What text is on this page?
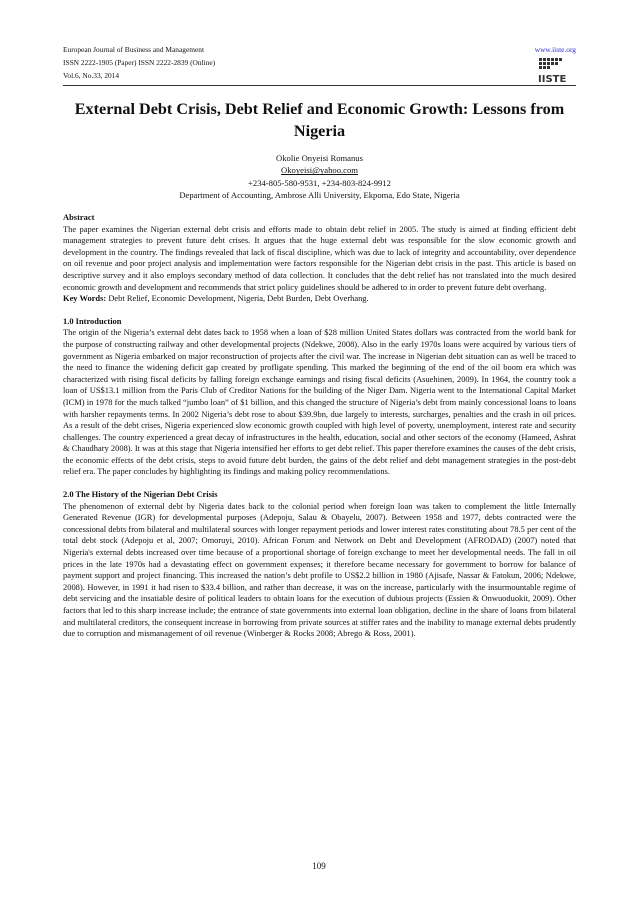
European Journal of Business and Management
ISSN 2222-1905 (Paper) ISSN 2222-2839 (Online)
Vol.6, No.33, 2014
www.iiste.org
IISTE
External Debt Crisis, Debt Relief and Economic Growth: Lessons from Nigeria
Okolie Onyeisi Romanus
Okoyeisi@yahoo.com
+234-805-580-9531, +234-803-824-9912
Department of Accounting, Ambrose Alli University, Ekpoma, Edo State, Nigeria

Abstract

The paper examines the Nigerian external debt crisis and efforts made to obtain debt relief in 2005. The study is aimed at finding efficient debt management strategies to prevent future debt crises. It argues that the huge external debt was responsible for the slow economic growth and development in the country. The findings revealed that lack of fiscal discipline, which was due to lack of integrity and accountability, over dependence on oil revenue and poor project analysis and implementation were factors responsible for the Nigerian debt crisis in the past. This article is based on descriptive survey and it also employs secondary method of data collection. It concludes that the debt relief has not translated into the much desired economic growth and development and recommends that strict policy guidelines should be adhered to in order to prevent future debt overhang.

Key Words: Debt Relief, Economic Development, Nigeria, Debt Burden, Debt Overhang.

1.0 Introduction

The origin of the Nigeria’s external debt dates back to 1958 when a loan of $28 million United States dollars was contracted from the world bank for the purpose of constructing railway and other developmental projects (Ndekwe, 2008). Also in the early 1970s loans were acquired by various tiers of government as Nigeria embarked on major reconstruction of projects after the civil war. The increase in Nigerian debt situation can as well be traced to the need to finance the widening deficit gap created by profligate spending. This marked the beginning of the end of the oil boom era which was characterized with rising fiscal deficits by falling foreign exchange earnings and rising fiscal deficits (Asuehinen, 2009). In 1964, the country took a loan of US$13.1 million from the Paris Club of Creditor Nations for the building of the Niger Dam. Nigeria went to the International Capital Market (ICM) in 1978 for the much talked “jumbo loan” of $1 billion, and this changed the structure of Nigeria’s debt from mainly concessional loans to loans with harsher repayments terms. In 2002 Nigeria’s debt rose to about $39.9bn, due largely to interests, surcharges, penalties and the crash in oil prices. As a result of the debt crises, Nigeria experienced slow economic growth coupled with high level of poverty, unemployment, interest rate and security challenges. The country experienced a great decay of infrastructures in the health, education, social and other sectors of the economy (Hameed, Ashrat & Chaudhary 2008). It was at this stage that Nigeria intensified her efforts to get debt relief. This paper therefore examines the causes of the debt crisis, the economic effects of the debt crisis, steps to avoid future debt burden, the gains of the debt relief and debt management strategies in the post-debt relief era. The paper concludes by highlighting its findings and making policy recommendations.

2.0 The History of the Nigerian Debt Crisis

The phenomenon of external debt by Nigeria dates back to the colonial period when foreign loan was taken to complement the little Internally Generated Revenue (IGR) for developmental purposes (Adepoju, Salau & Obayelu, 2007). Between 1958 and 1977, debts contracted were the concessional debts from bilateral and multilateral sources with longer repayment periods and lower interest rates constituting about 78.5 per cent of the total debt stock (Adepoju et al, 2007; Omoruyi, 2010). African Forum and Network on Debt and Development (AFRODAD) (2007) noted that Nigeria's external debts increased over time because of a proportional shortage of foreign exchange to meet her developmental needs. The fall in oil prices in the late 1970s had a devastating effect on government expenses; it therefore became necessary for government to borrow for balance of payment support and project financing. This increased the nation’s debt profile to US$2.2 billion in 1980 (Ajisafe, Nassar & Fatokun, 2006; Ndekwe, 2008). However, in 1991 it had risen to $33.4 billion, and rather than decrease, it was on the increase, particularly with the insurmountable regime of debt servicing and the insatiable desire of political leaders to obtain loans for the execution of dubious projects (Essien & Onwuoduokit, 2009). Other factors that led to this sharp increase include; the entrance of state governments into external loan obligation, decline in the share of loans from bilateral and multilateral creditors, the consequent increase in borrowing from private sources at stiffer rates and the inability to manage external debts prudently due to corruption and mismanagement of oil revenue (Winberger & Rocks 2008; Abrego & Ross, 2001).

109
